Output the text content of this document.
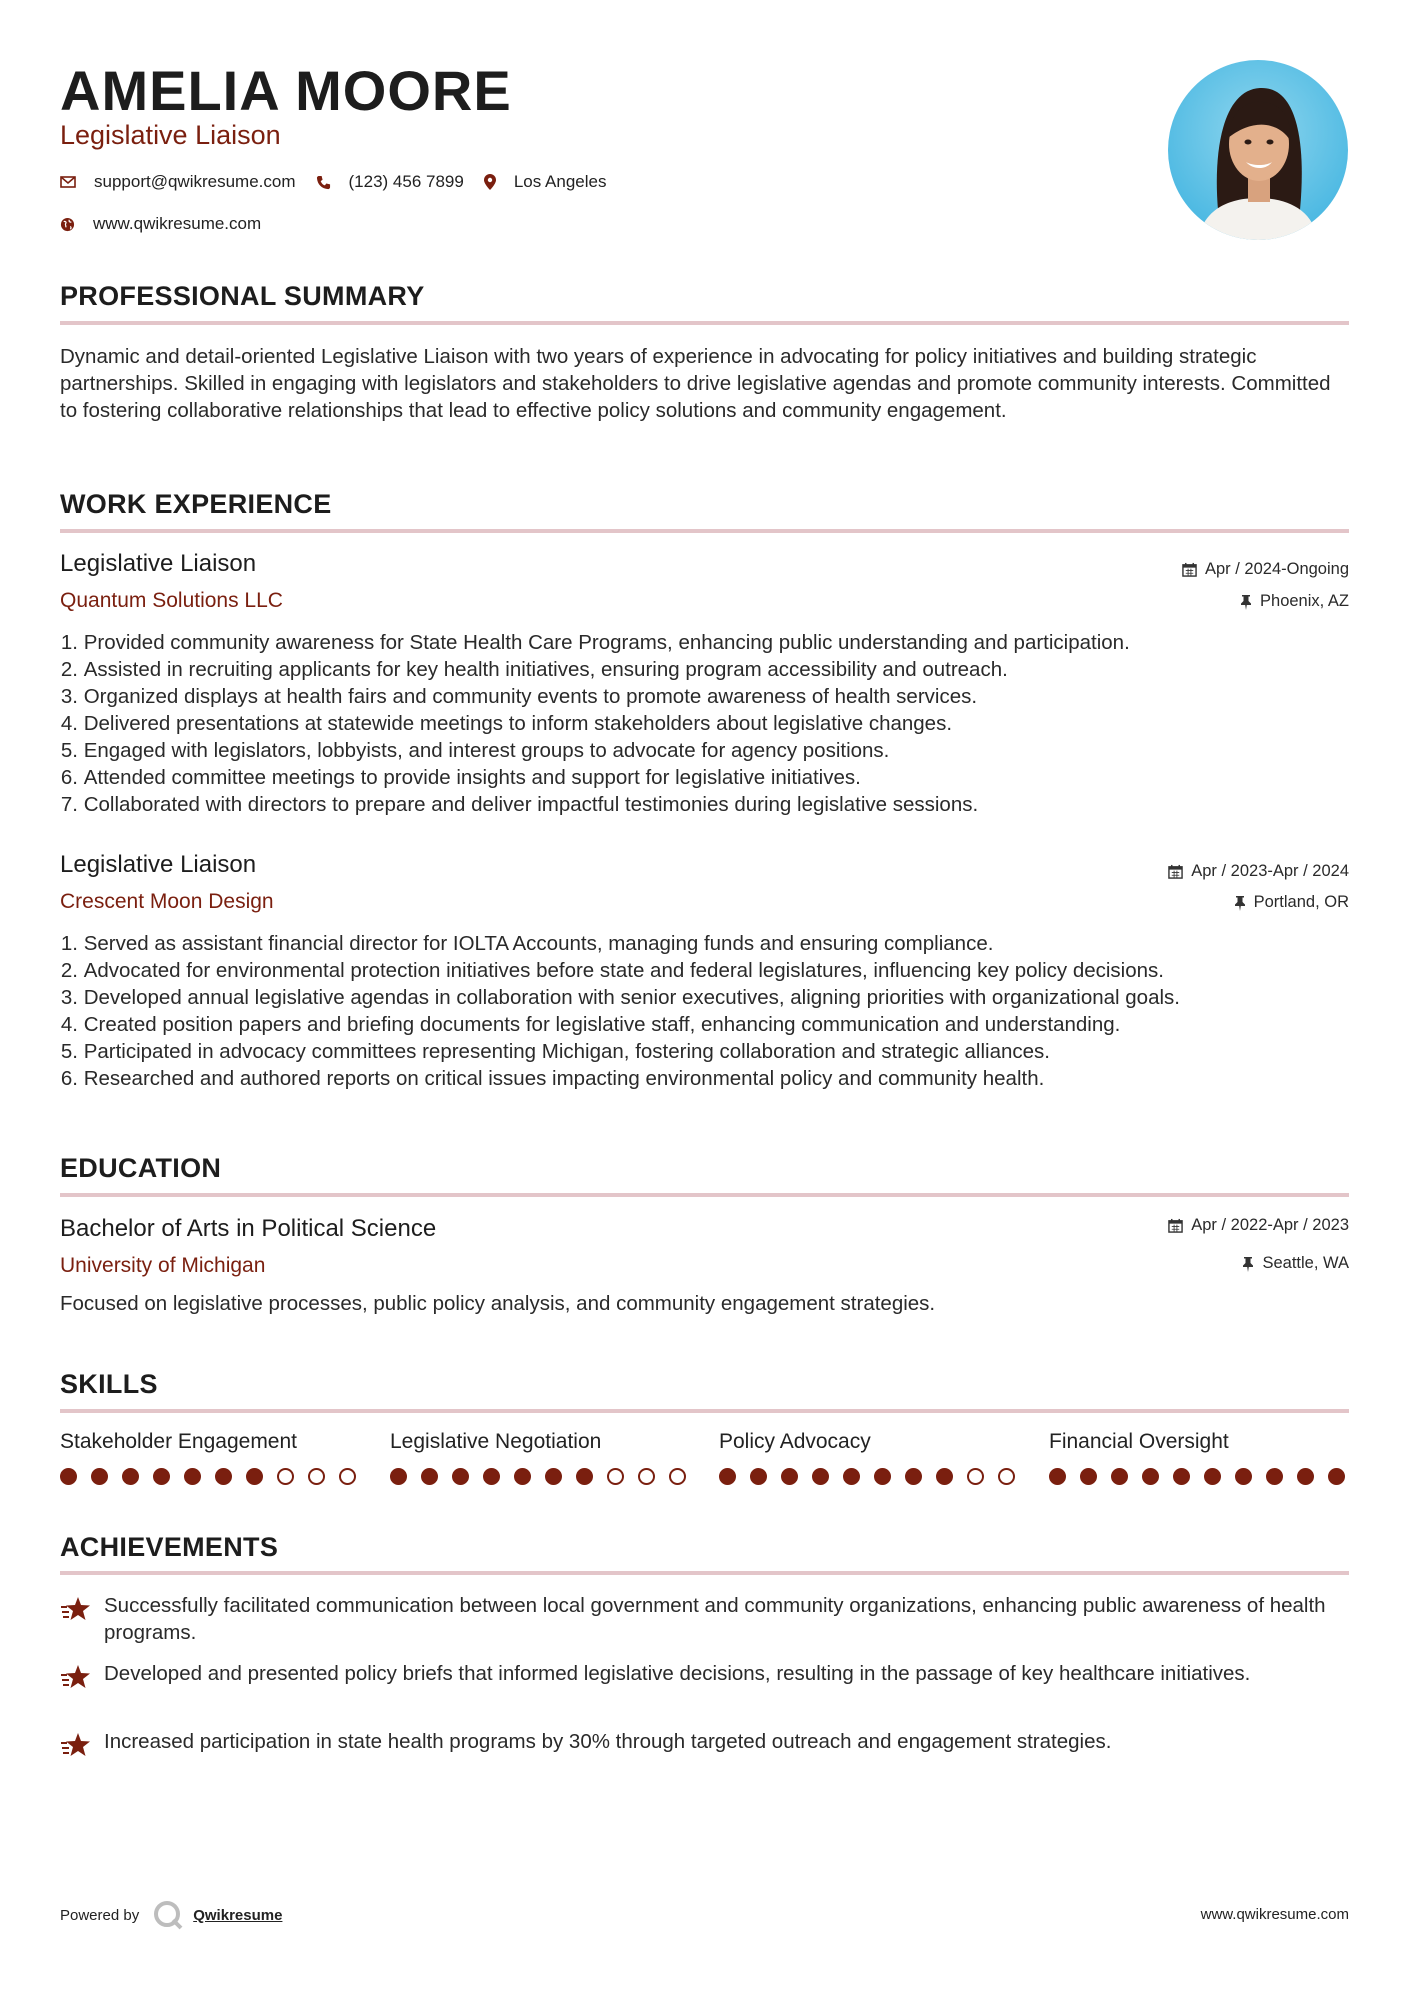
AMELIA MOORE
Legislative Liaison
support@qwikresume.com	(123) 456 7899	Los Angeles
www.qwikresume.com
PROFESSIONAL SUMMARY
Dynamic and detail-oriented Legislative Liaison with two years of experience in advocating for policy initiatives and building strategic partnerships. Skilled in engaging with legislators and stakeholders to drive legislative agendas and promote community interests. Committed to fostering collaborative relationships that lead to effective policy solutions and community engagement.
WORK EXPERIENCE
Legislative Liaison
Quantum Solutions LLC
Apr / 2024-Ongoing
Phoenix, AZ
1.
Provided community awareness for State Health Care Programs, enhancing public understanding and participation.
2.
Assisted in recruiting applicants for key health initiatives, ensuring program accessibility and outreach.
3.
Organized displays at health fairs and community events to promote awareness of health services.
4.
Delivered presentations at statewide meetings to inform stakeholders about legislative changes.
5.
Engaged with legislators, lobbyists, and interest groups to advocate for agency positions.
6.
Attended committee meetings to provide insights and support for legislative initiatives.
7.
Collaborated with directors to prepare and deliver impactful testimonies during legislative sessions.
Legislative Liaison
Crescent Moon Design
Apr / 2023-Apr / 2024
Portland, OR
1.
Served as assistant financial director for IOLTA Accounts, managing funds and ensuring compliance.
2.
Advocated for environmental protection initiatives before state and federal legislatures, influencing key policy decisions.
3.
Developed annual legislative agendas in collaboration with senior executives, aligning priorities with organizational goals.
4.
Created position papers and briefing documents for legislative staff, enhancing communication and understanding.
5.
Participated in advocacy committees representing Michigan, fostering collaboration and strategic alliances.
6.
Researched and authored reports on critical issues impacting environmental policy and community health.
EDUCATION
Bachelor of Arts in Political Science
University of Michigan
Apr / 2022-Apr / 2023
Seattle, WA
Focused on legislative processes, public policy analysis, and community engagement strategies.
SKILLS
Stakeholder Engagement	Legislative Negotiation	Policy Advocacy	Financial Oversight
ACHIEVEMENTS
Successfully facilitated communication between local government and community organizations, enhancing public awareness of health programs.
Developed and presented policy briefs that informed legislative decisions, resulting in the passage of key healthcare initiatives.
Increased participation in state health programs by 30% through targeted outreach and engagement strategies.
Powered by	Qwikresume	www.qwikresume.com
